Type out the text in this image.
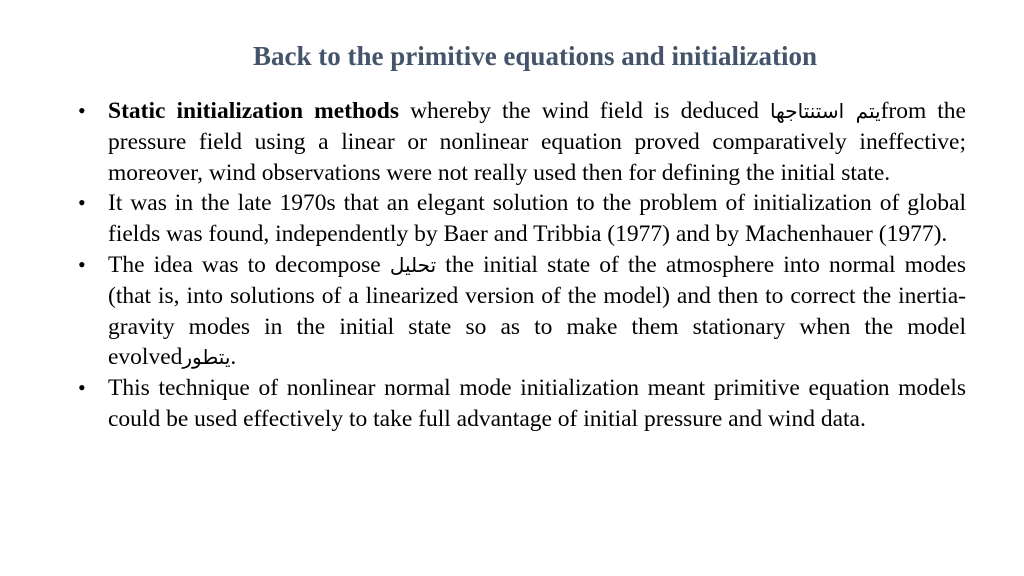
Back to the primitive equations and initialization
• Static initialization methods whereby the wind field is deduced يتم استنتاجهاfrom the pressure field using a linear or nonlinear equation proved comparatively ineffective; moreover, wind observations were not really used then for defining the initial state.
• It was in the late 1970s that an elegant solution to the problem of initialization of global fields was found, independently by Baer and Tribbia (1977) and by Machenhauer (1977).
• The idea was to decompose تحليل the initial state of the atmosphere into normal modes (that is, into solutions of a linearized version of the model) and then to correct the inertia-gravity modes in the initial state so as to make them stationary when the model evolvedيتطور.
• This technique of nonlinear normal mode initialization meant primitive equation models could be used effectively to take full advantage of initial pressure and wind data.
